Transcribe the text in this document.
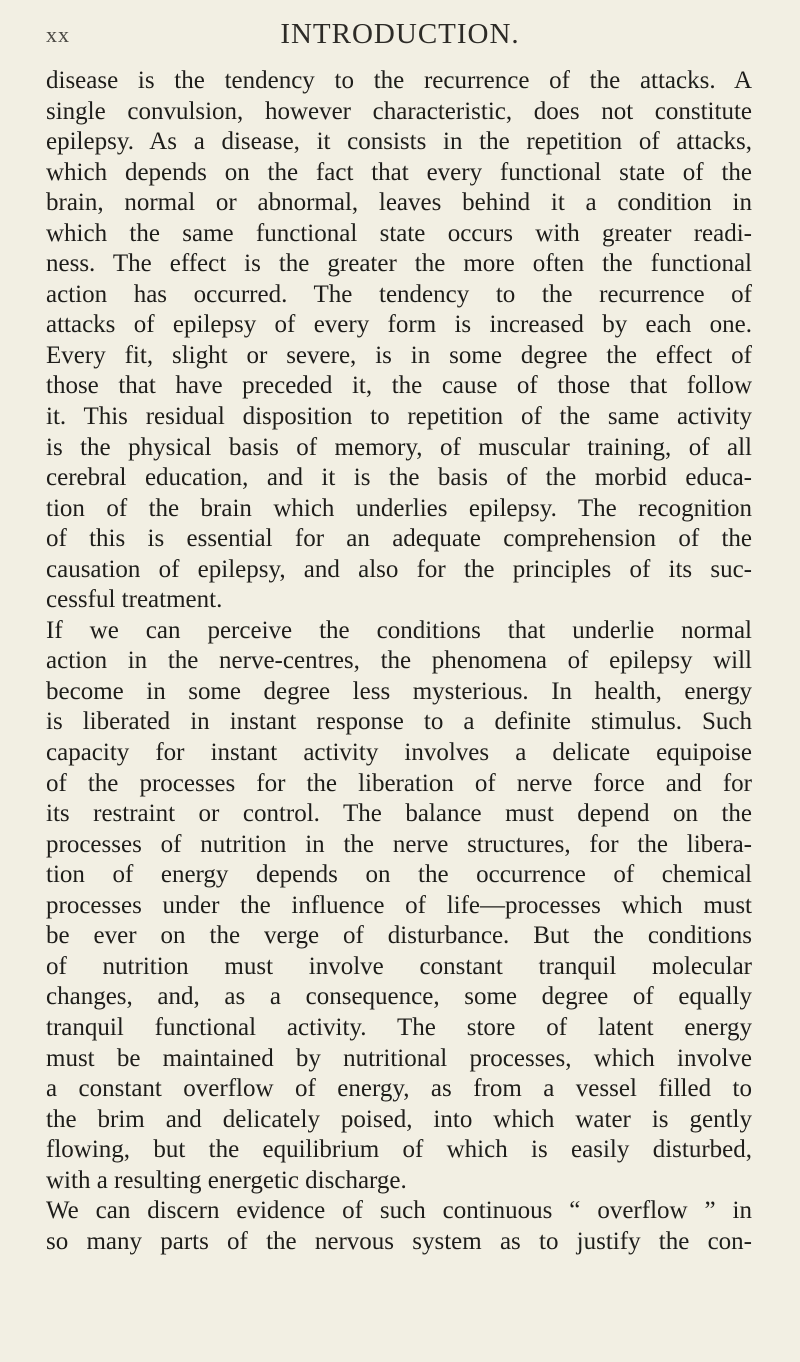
xx	INTRODUCTION.
disease is the tendency to the recurrence of the attacks. A
single convulsion, however characteristic, does not constitute
epilepsy. As a disease, it consists in the repetition of attacks,
which depends on the fact that every functional state of the
brain, normal or abnormal, leaves behind it a condition in
which the same functional state occurs with greater readi-
ness. The effect is the greater the more often the functional
action has occurred. The tendency to the recurrence of
attacks of epilepsy of every form is increased by each one.
Every fit, slight or severe, is in some degree the effect of
those that have preceded it, the cause of those that follow
it. This residual disposition to repetition of the same activity
is the physical basis of memory, of muscular training, of all
cerebral education, and it is the basis of the morbid educa-
tion of the brain which underlies epilepsy. The recognition
of this is essential for an adequate comprehension of the
causation of epilepsy, and also for the principles of its suc-
cessful treatment.
If we can perceive the conditions that underlie normal
action in the nerve-centres, the phenomena of epilepsy will
become in some degree less mysterious. In health, energy
is liberated in instant response to a definite stimulus. Such
capacity for instant activity involves a delicate equipoise
of the processes for the liberation of nerve force and for
its restraint or control. The balance must depend on the
processes of nutrition in the nerve structures, for the libera-
tion of energy depends on the occurrence of chemical
processes under the influence of life—processes which must
be ever on the verge of disturbance. But the conditions
of nutrition must involve constant tranquil molecular
changes, and, as a consequence, some degree of equally
tranquil functional activity. The store of latent energy
must be maintained by nutritional processes, which involve
a constant overflow of energy, as from a vessel filled to
the brim and delicately poised, into which water is gently
flowing, but the equilibrium of which is easily disturbed,
with a resulting energetic discharge.
We can discern evidence of such continuous “ overflow ” in
so many parts of the nervous system as to justify the con-
